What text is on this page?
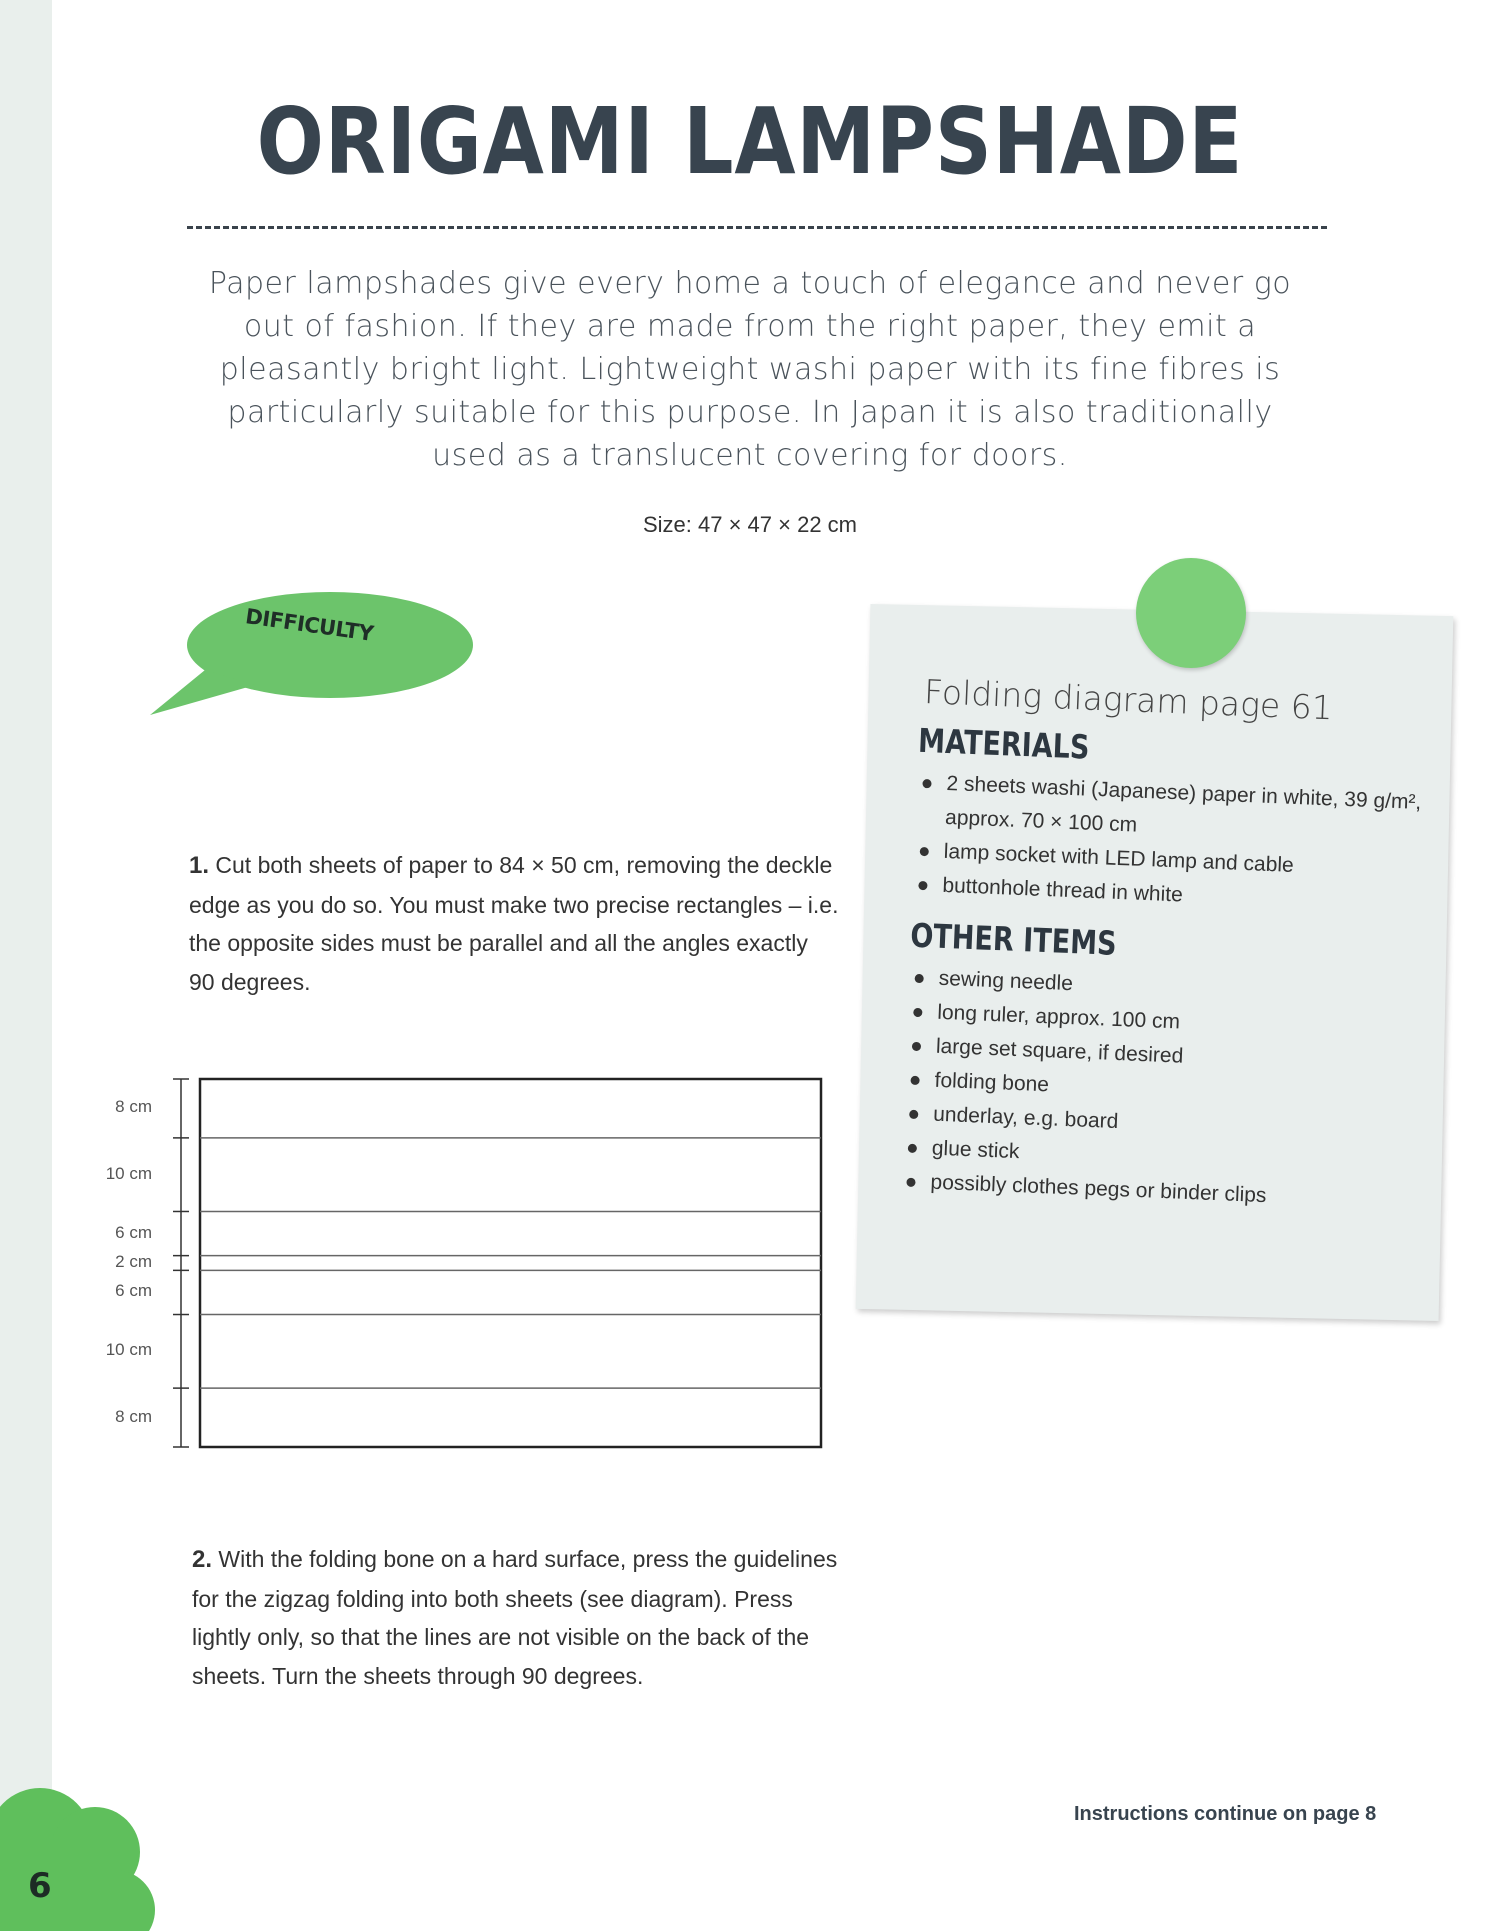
ORIGAMI LAMPSHADE
Paper lampshades give every home a touch of elegance and never go out of fashion. If they are made from the right paper, they emit a pleasantly bright light. Lightweight washi paper with its fine fibres is particularly suitable for this purpose. In Japan it is also traditionally used as a translucent covering for doors.
Size: 47 × 47 × 22 cm
DIFFICULTY
1. Cut both sheets of paper to 84 × 50 cm, removing the deckle edge as you do so. You must make two precise rectangles – i.e. the opposite sides must be parallel and all the angles exactly 90 degrees.
8 cm
10 cm
6 cm
2 cm
6 cm
10 cm
8 cm
2. With the folding bone on a hard surface, press the guidelines for the zigzag folding into both sheets (see diagram). Press lightly only, so that the lines are not visible on the back of the sheets. Turn the sheets through 90 degrees.
Folding diagram page 61
MATERIALS
2 sheets washi (Japanese) paper in white, 39 g/m², approx. 70 × 100 cm
lamp socket with LED lamp and cable
buttonhole thread in white
OTHER ITEMS
sewing needle
long ruler, approx. 100 cm
large set square, if desired
folding bone
underlay, e.g. board
glue stick
possibly clothes pegs or binder clips
Instructions continue on page 8
6
